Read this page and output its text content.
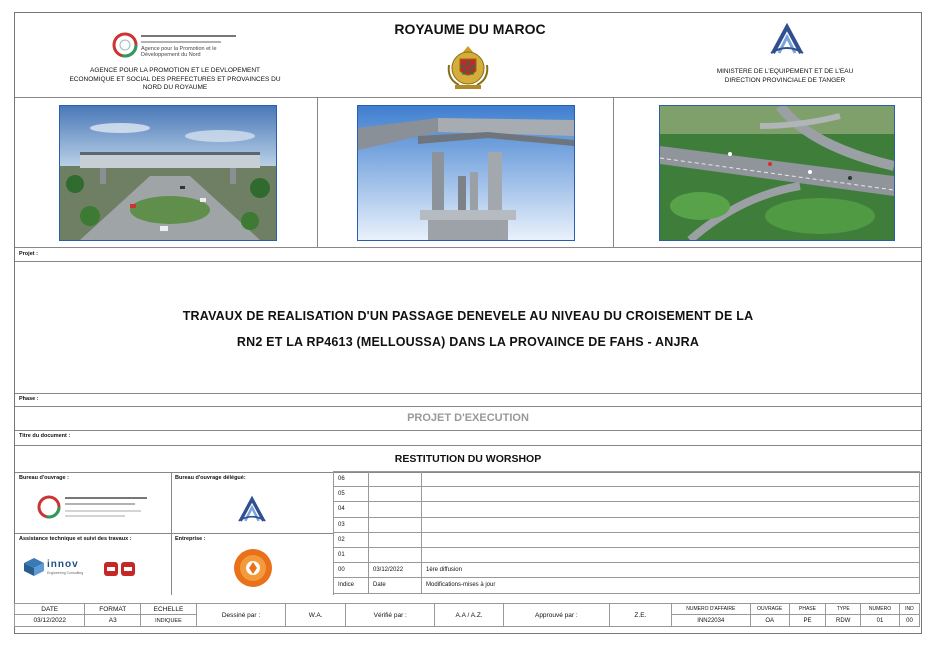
ROYAUME DU MAROC
Agence pour la Promotion et le Développement du Nord
AGENCE POUR LA PROMOTION ET LE DEVLOPEMENT
ECONOMIQUE ET SOCIAL DES PREFECTURES ET PROVAINCES DU
NORD DU ROYAUME
MINISTERE DE L'EQUIPEMENT ET DE L'EAU
DIRECTION PROVINCIALE DE TANGER
Projet :
TRAVAUX DE REALISATION D'UN PASSAGE DENEVELE AU NIVEAU DU CROISEMENT DE LA
RN2 ET LA RP4613 (MELLOUSSA) DANS LA PROVAINCE DE FAHS - ANJRA
Phase :
PROJET D'EXECUTION
Titre du document :
RESTITUTION DU WORSHOP
Bureau d'ouvrage :	Bureau d'ouvrage délégué:
Assistance technique et suivi des travaux :
innov
Engineering Consulting
Entreprise :
06		
05		
04		
03		
02		
01		
00	03/12/2022	1ère diffusion
Indice	Date	Modifications-mises à jour
DATE	FORMAT	ECHELLE	Dessiné par :	W.A.	Vérifié par :	A.A / A.Z.	Approuvé par :	Z.E.	NUMERO D'AFFAIRE	OUVRAGE	PHASE	TYPE	NUMERO	IND
03/12/2022	A3	INDIQUEE							INN22034	OA	PE	RDW	01	00
